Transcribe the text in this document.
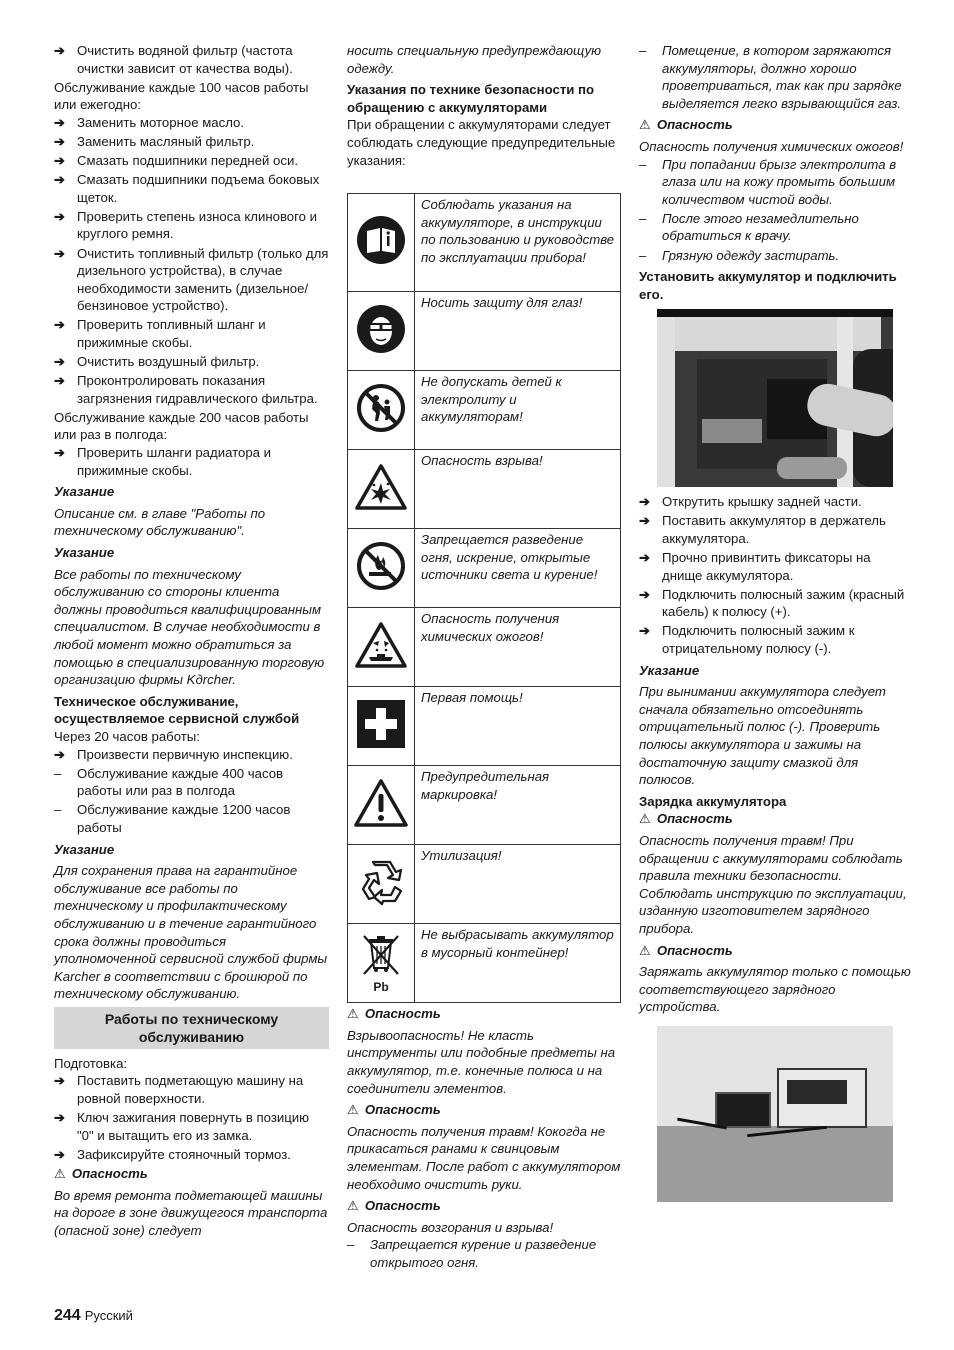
➔ Очистить водяной фильтр (частота очистки зависит от качества воды).

Обслуживание каждые 100 часов работы или ежегодно:

➔ Заменить моторное масло.
➔ Заменить масляный фильтр.
➔ Смазать подшипники передней оси.
➔ Смазать подшипники подъема боковых щеток.
➔ Проверить степень износа клинового и круглого ремня.
➔ Очистить топливный фильтр (только для дизельного устройства), в случае необходимости заменить (дизельное/бензиновое устройство).
➔ Проверить топливный шланг и прижимные скобы.
➔ Очистить воздушный фильтр.
➔ Проконтролировать показания загрязнения гидравлического фильтра.

Обслуживание каждые 200 часов работы или раз в полгода:

➔ Проверить шланги радиатора и прижимные скобы.

Указание

Описание см. в главе "Работы по техническому обслуживанию".

Указание

Все работы по техническому обслуживанию со стороны клиента должны проводиться квалифицированным специалистом. В случае необходимости в любой момент можно обратиться за помощью в специализированную торговую организацию фирмы Kдrcher.

Техническое обслуживание, осуществляемое сервисной службой

Через 20 часов работы:

➔ Произвести первичную инспекцию.
– Обслуживание каждые 400 часов работы или раз в полгода
– Обслуживание каждые 1200 часов работы

Указание

Для сохранения права на гарантийное обслуживание все работы по техническому и профилактическому обслуживанию и в течение гарантийного срока должны проводиться уполномоченной сервисной службой фирмы Karcher в соответствии с брошюрой по техническому обслуживанию.

Работы по техническому обслуживанию

Подготовка:

➔ Поставить подметающую машину на ровной поверхности.
➔ Ключ зажигания повернуть в позицию "0" и вытащить его из замка.
➔ Зафиксируйте стояночный тормоз.

⚠ Опасность

Во время ремонта подметающей машины на дороге в зоне движущегося транспорта (опасной зоне) следует

носить специальную предупреждающую одежду.

Указания по технике безопасности по обращению с аккумуляторами

При обращении с аккумуляторами следует соблюдать следующие предупредительные указания:

	Соблюдать указания на аккумуляторе, в инструкции по пользованию и руководстве по эксплуатации прибора!
	Носить защиту для глаз!
	Не допускать детей к электролиту и аккумуляторам!
	Опасность взрыва!
	Запрещается разведение огня, искрение, открытые источники света и курение!
	Опасность получения химических ожогов!
	Первая помощь!
	Предупредительная маркировка!
	Утилизация!

Pb	Не выбрасывать аккумулятор в мусорный контейнер!

⚠ Опасность

Взрывоопасность! Не класть инструменты или подобные предметы на аккумулятор, т.е. конечные полюса и на соединители элементов.

⚠ Опасность

Опасность получения травм! Кокогда не прикасаться ранами к свинцовым элементам. После работ с аккумулятором необходимо очистить руки.

⚠ Опасность

Опасность возгорания и взрыва!

– Запрещается курение и разведение открытого огня.
– Помещение, в котором заряжаются аккумуляторы, должно хорошо проветриваться, так как при зарядке выделяется легко взрывающийся газ.

⚠ Опасность

Опасность получения химических ожогов!

– При попадании брызг электролита в глаза или на кожу промыть большим количеством чистой воды.
– После этого незамедлительно обратиться к врачу.
– Грязную одежду застирать.

Установить аккумулятор и подключить его.

➔ Открутить крышку задней части.
➔ Поставить аккумулятор в держатель аккумулятора.
➔ Прочно привинтить фиксаторы на днище аккумулятора.
➔ Подключить полюсный зажим (красный кабель) к полюсу (+).
➔ Подключить полюсный зажим к отрицательному полюсу (-).

Указание

При вынимании аккумулятора следует сначала обязательно отсоединять отрицательный полюс (-). Проверить полюсы аккумулятора и зажимы на достаточную защиту смазкой для полюсов.

Зарядка аккумулятора

⚠ Опасность

Опасность получения травм! При обращении с аккумуляторами соблюдать правила техники безопасности. Соблюдать инструкцию по эксплуатации, изданную изготовителем зарядного прибора.

⚠ Опасность

Заряжать аккумулятор только с помощью соответствующего зарядного устройства.

244 Русский
